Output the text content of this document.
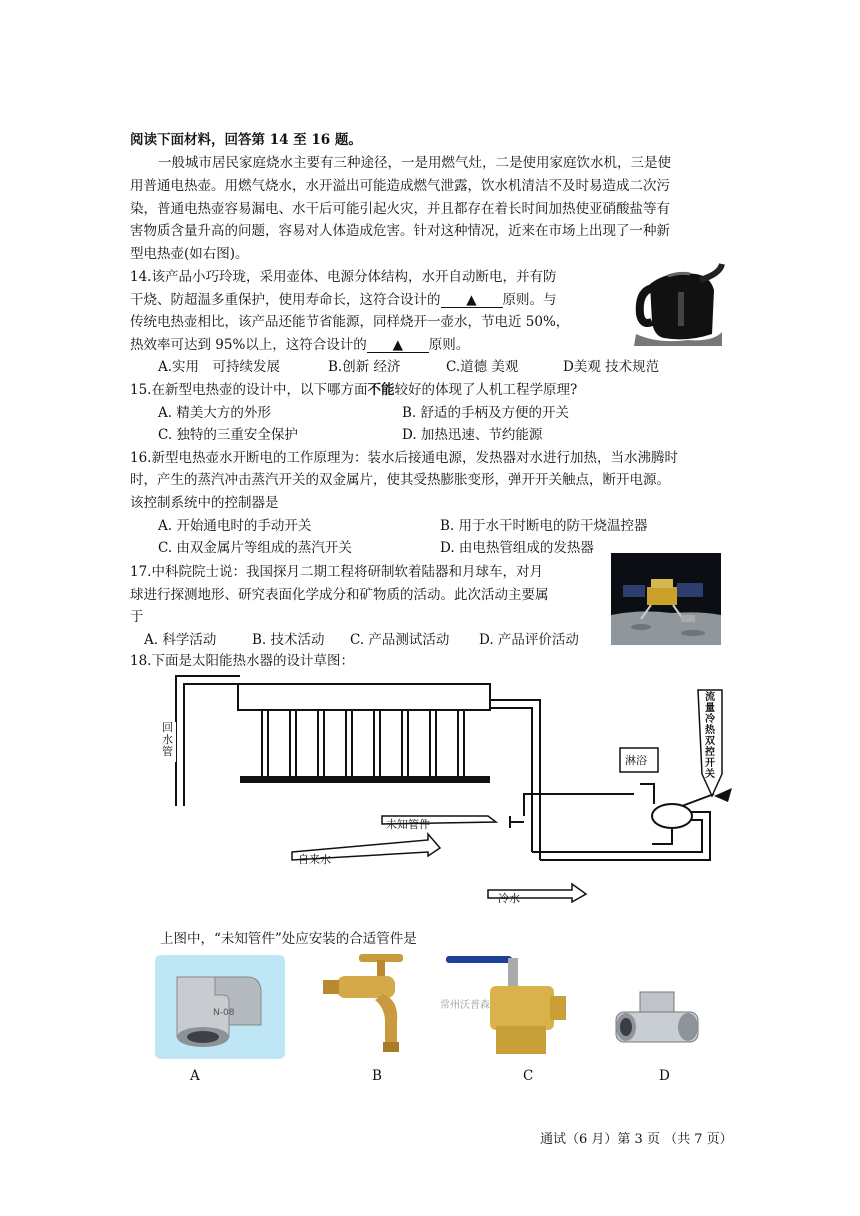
阅读下面材料，回答第 14 至 16 题。
一般城市居民家庭烧水主要有三种途径，一是用燃气灶，二是使用家庭饮水机，三是使
用普通电热壶。用燃气烧水，水开溢出可能造成燃气泄露，饮水机清洁不及时易造成二次污
染，普通电热壶容易漏电、水干后可能引起火灾，并且都存在着长时间加热使亚硝酸盐等有
害物质含量升高的问题，容易对人体造成危害。针对这种情况，近来在市场上出现了一种新
型电热壶(如右图)。
14.该产品小巧玲珑，采用壶体、电源分体结构，水开自动断电，并有防
干烧、防超温多重保护，使用寿命长，这符合设计的 ▲ 原则。与
传统电热壶相比，该产品还能节省能源，同样烧开一壶水，节电近 50%，
热效率可达到 95%以上，这符合设计的 ▲ 原则。
A.实用　可持续发展	B.创新 经济	C.道德 美观	D美观 技术规范
15.在新型电热壶的设计中，以下哪方面不能较好的体现了人机工程学原理?
A. 精美大方的外形	B. 舒适的手柄及方便的开关
C. 独特的三重安全保护	D. 加热迅速、节约能源
16.新型电热壶水开断电的工作原理为：装水后接通电源，发热器对水进行加热，当水沸腾时
时，产生的蒸汽冲击蒸汽开关的双金属片，使其受热膨胀变形，弹开开关触点，断开电源。
该控制系统中的控制器是
A. 开始通电时的手动开关	B. 用于水干时断电的防干烧温控器
C. 由双金属片等组成的蒸汽开关	D. 由电热管组成的发热器
17.中科院院士说：我国探月二期工程将研制软着陆器和月球车，对月
球进行探测地形、研究表面化学成分和矿物质的活动。此次活动主要属
于
A. 科学活动	B. 技术活动 C. 产品测试活动 D. 产品评价活动
18.下面是太阳能热水器的设计草图：
回水管
未知管件
自来水
冷水
淋浴
流量冷热双控开关
上图中，“未知管件”处应安装的合适管件是
N-08
常州沃普森
A	B	C	D
通试（6 月）第 3 页 （共 7 页）
